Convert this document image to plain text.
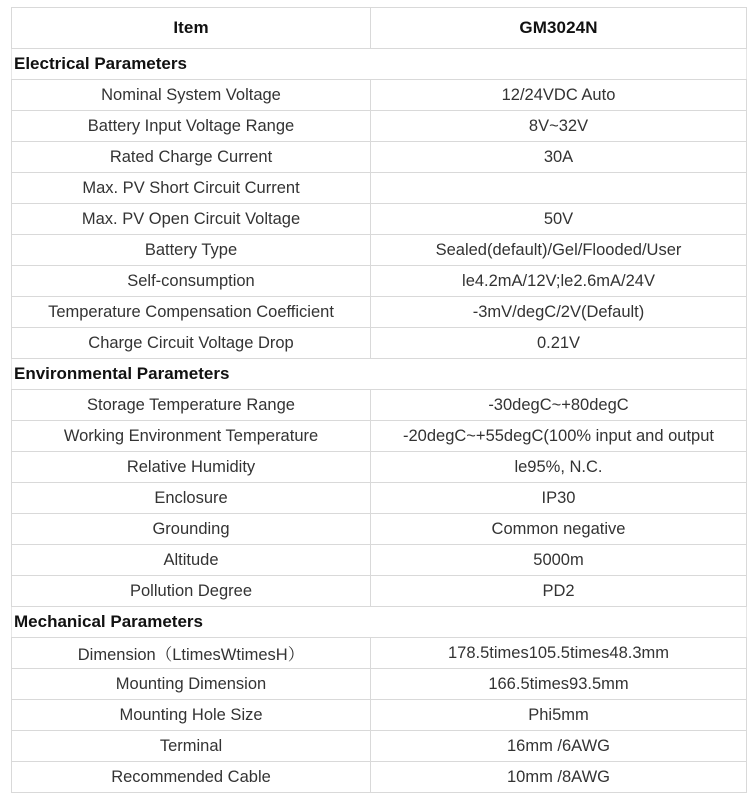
Item	GM3024N
Electrical Parameters	
Nominal System Voltage	12/24VDC Auto
Battery Input Voltage Range	8V~32V
Rated Charge Current	30A
Max. PV Short Circuit Current	
Max. PV Open Circuit Voltage	50V
Battery Type	Sealed(default)/Gel/Flooded/User
Self-consumption	le4.2mA/12V;le2.6mA/24V
Temperature Compensation Coefficient	-3mV/degC/2V(Default)
Charge Circuit Voltage Drop	0.21V
Environmental Parameters	
Storage Temperature Range	-30degC~+80degC
Working Environment Temperature	-20degC~+55degC(100% input and output
Relative Humidity	le95%, N.C.
Enclosure	IP30
Grounding	Common negative
Altitude	5000m
Pollution Degree	PD2
Mechanical Parameters	
Dimension（LtimesWtimesH）	178.5times105.5times48.3mm
Mounting Dimension	166.5times93.5mm
Mounting Hole Size	Phi5mm
Terminal	16mm /6AWG
Recommended Cable	10mm /8AWG
